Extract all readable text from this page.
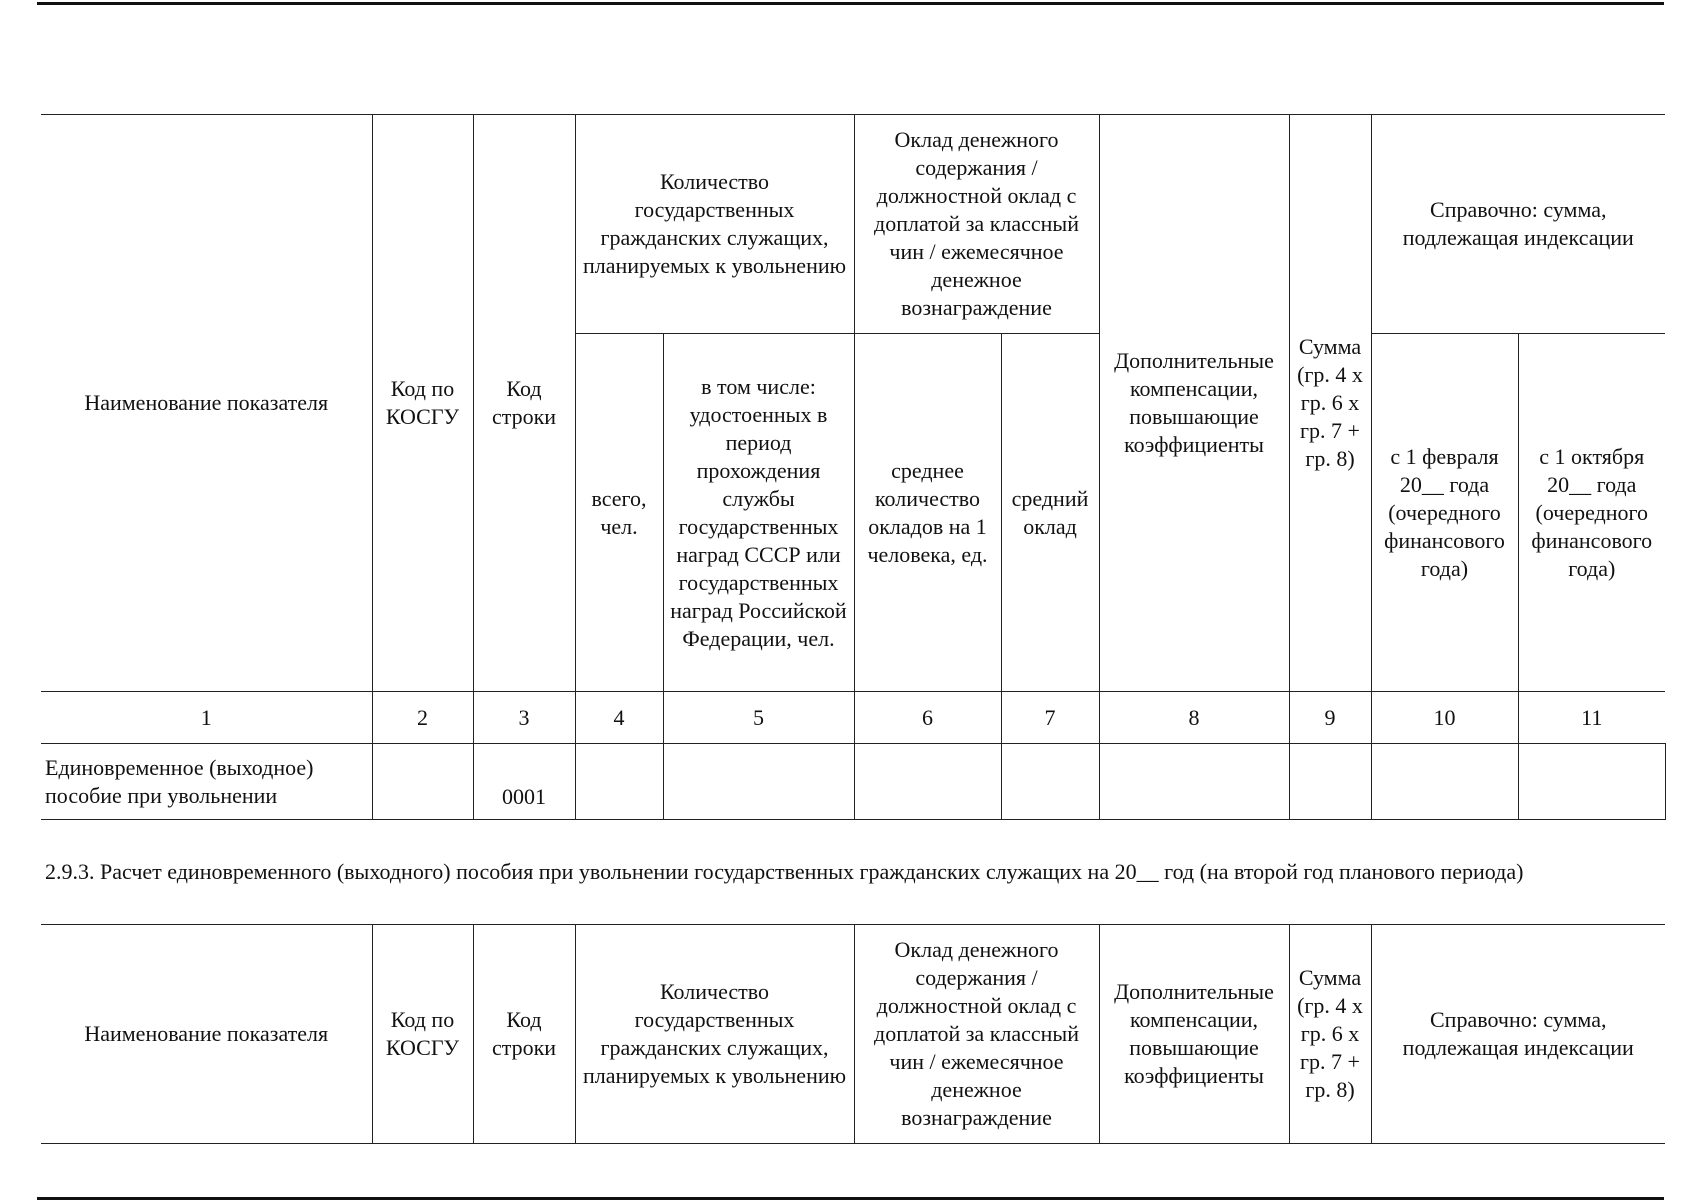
Наименование показателя	Код по КОСГУ	Код строки	Количество государственных гражданских служащих, планируемых к увольнению		Оклад денежного содержания / должностной оклад с доплатой за классный чин / ежемесячное денежное вознаграждение		Дополнительные компенсации, повышающие коэффициенты	Сумма (гр. 4 x гр. 6 x гр. 7 + гр. 8)	Справочно: сумма, подлежащая индексации	
			всего, чел.	в том числе: удостоенных в период прохождения службы государственных наград СССР или государственных наград Российской Федерации, чел.	среднее количество окладов на 1 человека, ед.	средний оклад			с 1 февраля 20__ года (очередного финансового года)	с 1 октября 20__ года (очередного финансового года)
1	2	3	4	5	6	7	8	9	10	11
Единовременное (выходное) пособие при увольнении		0001								
2.9.3. Расчет единовременного (выходного) пособия при увольнении государственных гражданских служащих на 20__ год (на второй год планового периода)
Наименование показателя	Код по КОСГУ	Код строки	Количество государственных гражданских служащих, планируемых к увольнению	Оклад денежного содержания / должностной оклад с доплатой за классный чин / ежемесячное денежное вознаграждение	Дополнительные компенсации, повышающие коэффициенты	Сумма (гр. 4 x гр. 6 x гр. 7 + гр. 8)	Справочно: сумма, подлежащая индексации
